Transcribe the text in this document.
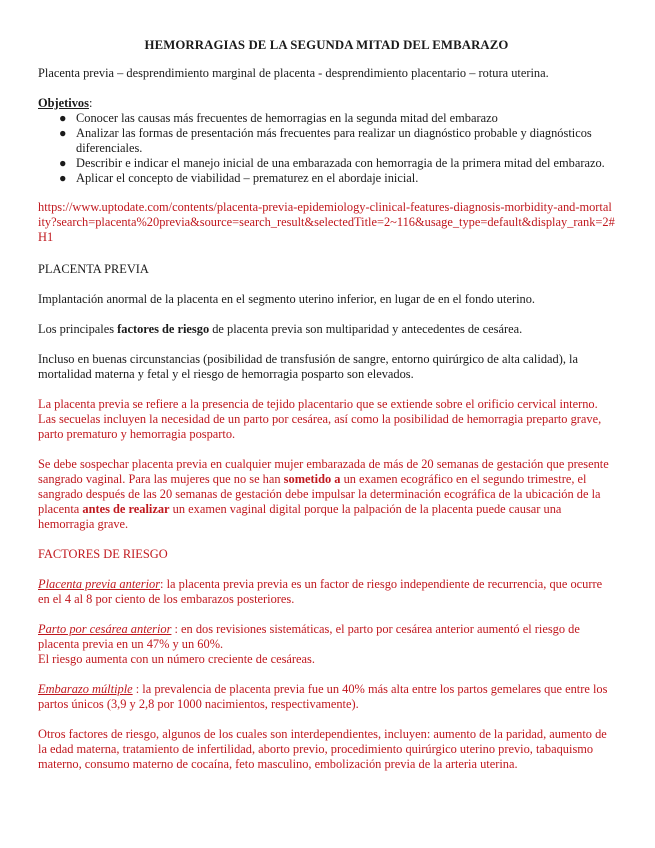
HEMORRAGIAS DE LA SEGUNDA MITAD DEL EMBARAZO

Placenta previa – desprendimiento marginal de placenta - desprendimiento placentario – rotura uterina.

Objetivos:
● Conocer las causas más frecuentes de hemorragias en la segunda mitad del embarazo
● Analizar las formas de presentación más frecuentes para realizar un diagnóstico probable y diagnósticos diferenciales.
● Describir e indicar el manejo inicial de una embarazada con hemorragia de la primera mitad del embarazo.
● Aplicar el concepto de viabilidad – prematurez en el abordaje inicial.

https://www.uptodate.com/contents/placenta-previa-epidemiology-clinical-features-diagnosis-morbidity-and-mortality?search=placenta%20previa&source=search_result&selectedTitle=2~116&usage_type=default&display_rank=2#H1

PLACENTA PREVIA

Implantación anormal de la placenta en el segmento uterino inferior, en lugar de en el fondo uterino.

Los principales factores de riesgo de placenta previa son multiparidad y antecedentes de cesárea.

Incluso en buenas circunstancias (posibilidad de transfusión de sangre, entorno quirúrgico de alta calidad), la mortalidad materna y fetal y el riesgo de hemorragia posparto son elevados.

La placenta previa se refiere a la presencia de tejido placentario que se extiende sobre el orificio cervical interno. Las secuelas incluyen la necesidad de un parto por cesárea, así como la posibilidad de hemorragia preparto grave, parto prematuro y hemorragia posparto.

Se debe sospechar placenta previa en cualquier mujer embarazada de más de 20 semanas de gestación que presente sangrado vaginal. Para las mujeres que no se han sometido a un examen ecográfico en el segundo trimestre, el sangrado después de las 20 semanas de gestación debe impulsar la determinación ecográfica de la ubicación de la placenta antes de realizar un examen vaginal digital porque la palpación de la placenta puede causar una hemorragia grave.

FACTORES DE RIESGO

Placenta previa anterior: la placenta previa previa es un factor de riesgo independiente de recurrencia, que ocurre en el 4 al 8 por ciento de los embarazos posteriores.

Parto por cesárea anterior : en dos revisiones sistemáticas, el parto por cesárea anterior aumentó el riesgo de placenta previa en un 47% y un 60%.
El riesgo aumenta con un número creciente de cesáreas.

Embarazo múltiple : la prevalencia de placenta previa fue un 40% más alta entre los partos gemelares que entre los partos únicos (3,9 y 2,8 por 1000 nacimientos, respectivamente).

Otros factores de riesgo, algunos de los cuales son interdependientes, incluyen: aumento de la paridad, aumento de la edad materna, tratamiento de infertilidad, aborto previo, procedimiento quirúrgico uterino previo, tabaquismo materno, consumo materno de cocaína, feto masculino, embolización previa de la arteria uterina.
